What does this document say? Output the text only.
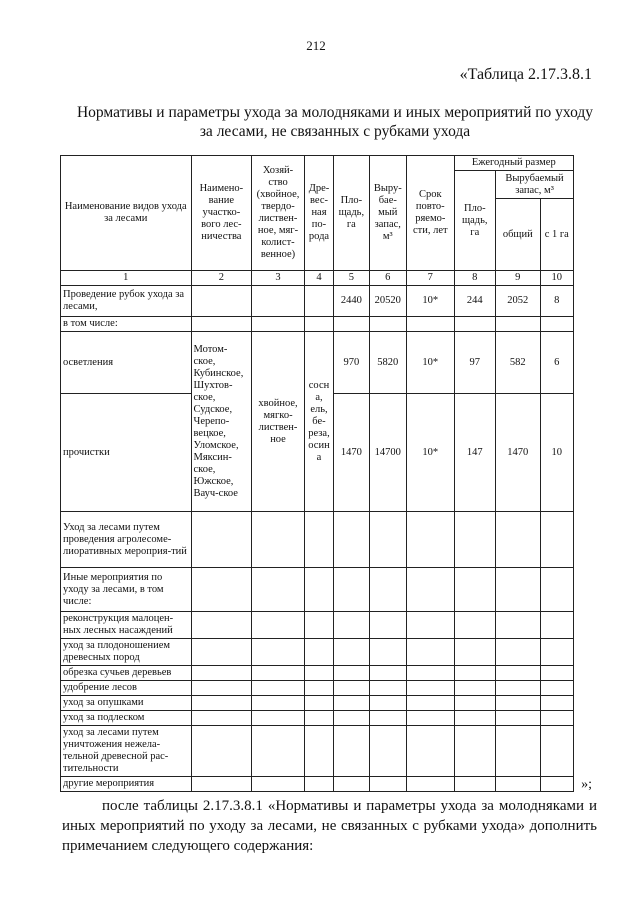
212
«Таблица 2.17.3.8.1
Нормативы и параметры ухода за молодняками и иных мероприятий по уходу за лесами, не связанных с рубками ухода
Наименование видов ухода за лесами	Наимено-вание участко-вого лес-ничества	Хозяй-ство (хвойное, твердо-листвен-ное, мяг-колист-венное)	Дре-вес-ная по-рода	Пло-щадь, га	Выру-бае-мый запас, м³	Срок повто-ряемо-сти, лет	Ежегодный размер		
							Пло-щадь, га	Вырубаемый запас, м³	
								общий	с 1 га
1	2	3	4	5	6	7	8	9	10
Проведение рубок ухода за лесами,				2440	20520	10*	244	2052	8
в том числе:									
осветления	Мотом-ское, Кубинское, Шухтов-ское, Судское, Черепо-вецкое, Уломское, Мяксин-ское, Южское, Вауч-ское	хвойное, мягко-листвен-ное	сосн а, ель, бе-реза, осин а	970	5820	10*	97	582	6
прочистки				1470	14700	10*	147	1470	10
Уход за лесами путем проведения агролесоме-лиоративных мероприя-тий									
Иные мероприятия по уходу за лесами, в том числе:									
реконструкция малоцен-ных лесных насаждений									
уход за плодоношением древесных пород									
обрезка сучьев деревьев									
удобрение лесов									
уход за опушками									
уход за подлеском									
уход за лесами путем уничтожения нежела-тельной древесной рас-тительности									
другие мероприятия										»;
после таблицы 2.17.3.8.1 «Нормативы и параметры ухода за молодняками и иных мероприятий по уходу за лесами, не связанных с рубками ухода» дополнить примечанием следующего содержания:
